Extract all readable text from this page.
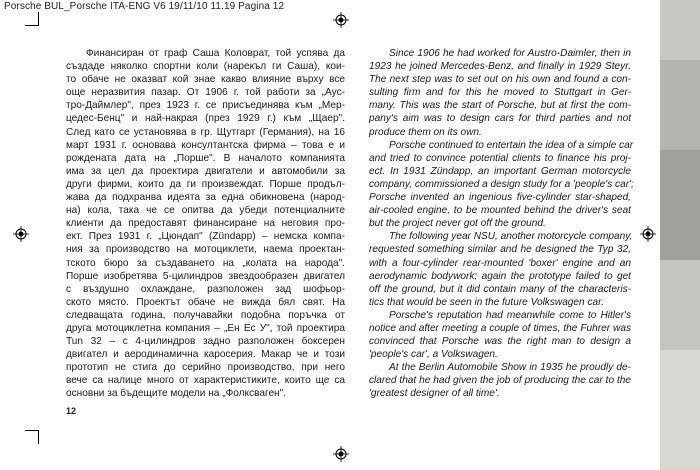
Porsche BUL_Porsche ITA-ENG V6 19/11/10 11.19 Pagina 12
Финансиран от граф Саша Коловрат, той успява да
създаде няколко спортни коли (нарекъл ги Саша), кои-
то обаче не оказват кой знае какво влияние върху все
още неразвития пазар. От 1906 г. той работи за „Аус-
тро-Даймлер", през 1923 г. се присъединява към „Мер-
цедес-Бенц" и най-накрая (през 1929 г.) към „Щаер".
След като се установява в гр. Щутгарт (Германия), на 16
март 1931 г. основава консултантска фирма – това е и
рождената дата на „Порше". В началото компанията
има за цел да проектира двигатели и автомобили за
други фирми, които да ги произвеждат. Порше продъл-
жава да подхранва идеята за една обикновена (народ-
на) кола, така че се опитва да убеди потенциалните
клиенти да предоставят финансиране на неговия про-
ект. През 1931 г. „Цюндап" (Zündapp) – немска компа-
ния за производство на мотоциклети, наема проектан-
тското бюро за създаването на „колата на народа".
Порше изобретява 5-цилиндров звездообразен двигател
с въздушно охлаждане, разположен зад шофьор-
ското място. Проектът обаче не вижда бял свят. На
следващата година, получавайки подобна поръчка от
друга мотоциклетна компания – „Ен Ес У", той проектира
Tun 32 – с 4-цилиндров задно разположен боксерен
двигател и аеродинамична каросерия. Макар че и този
прототип не стига до серийно производство, при него
вече са налице много от характеристиките, които ще са
основни за бъдещите модели на „Фолксваген".

Since 1906 he had worked for Austro-Daimler, then in
1923 he joined Mercedes-Benz, and finally in 1929 Steyr.
The next step was to set out on his own and found a con-
sulting firm and for this he moved to Stuttgart in Ger-
many. This was the start of Porsche, but at first the com-
pany's aim was to design cars for third parties and not
produce them on its own.

Porsche continued to entertain the idea of a simple car
and tried to convince potential clients to finance his proj-
ect. In 1931 Zündapp, an important German motorcycle
company, commissioned a design study for a 'people's car';
Porsche invented an ingenious five-cylinder star-shaped,
air-cooled engine, to be mounted behind the driver's seat
but the project never got off the ground.

The following year NSU, another motorcycle company,
requested something similar and he designed the Typ 32,
with a four-cylinder rear-mounted 'boxer' engine and an
aerodynamic bodywork; again the prototype failed to get
off the ground, but it did contain many of the characteris-
tics that would be seen in the future Volkswagen car.

Porsche's reputation had meanwhile come to Hitler's
notice and after meeting a couple of times, the Fuhrer was
convinced that Porsche was the right man to design a
'people's car', a Volkswagen.

At the Berlin Automobile Show in 1935 he proudly de-
clared that he had given the job of producing the car to the
'greatest designer of all time'.

12
